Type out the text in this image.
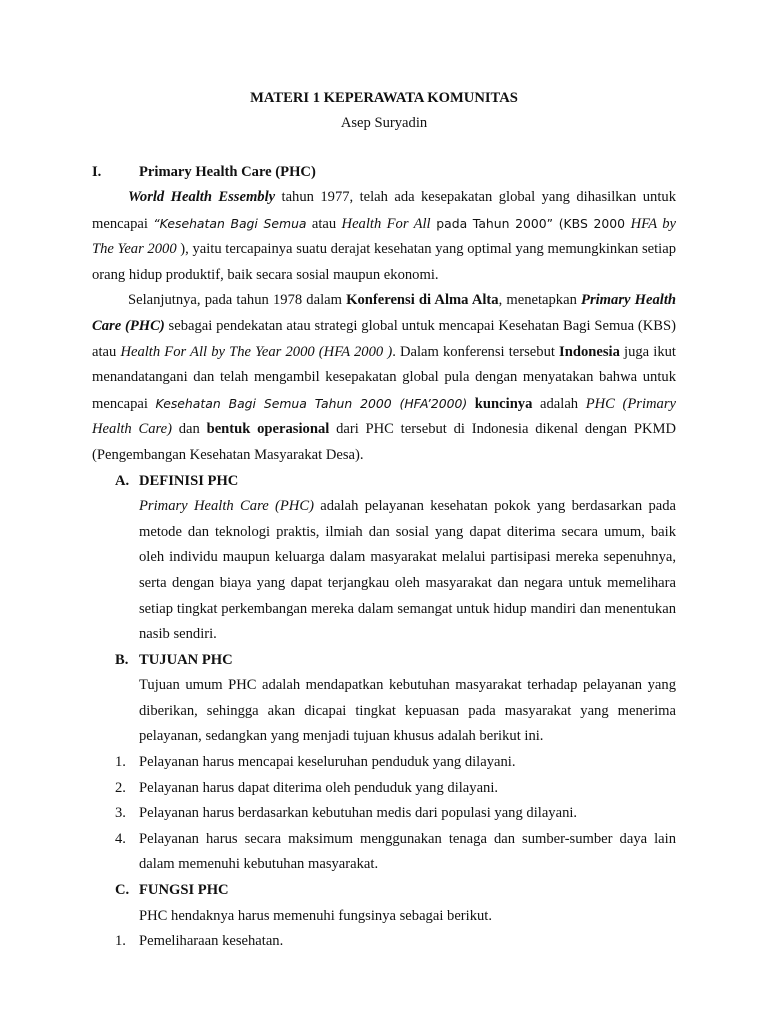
MATERI 1 KEPERAWATA KOMUNITAS
Asep Suryadin
I.	Primary Health Care (PHC)

World Health Essembly tahun 1977, telah ada kesepakatan global yang dihasilkan untuk mencapai “Kesehatan Bagi Semua atau Health For All pada Tahun 2000” (KBS 2000 HFA by The Year 2000 ), yaitu tercapainya suatu derajat kesehatan yang optimal yang memungkinkan setiap orang hidup produktif, baik secara sosial maupun ekonomi.

Selanjutnya, pada tahun 1978 dalam Konferensi di Alma Alta, menetapkan Primary Health Care (PHC) sebagai pendekatan atau strategi global untuk mencapai Kesehatan Bagi Semua (KBS) atau Health For All by The Year 2000 (HFA 2000 ). Dalam konferensi tersebut Indonesia juga ikut menandatangani dan telah mengambil kesepakatan global pula dengan menyatakan bahwa untuk mencapai Kesehatan Bagi Semua Tahun 2000 (HFA’2000) kuncinya adalah PHC (Primary Health Care) dan bentuk operasional dari PHC tersebut di Indonesia dikenal dengan PKMD (Pengembangan Kesehatan Masyarakat Desa).

A. DEFINISI PHC

Primary Health Care (PHC) adalah pelayanan kesehatan pokok yang berdasarkan pada metode dan teknologi praktis, ilmiah dan sosial yang dapat diterima secara umum, baik oleh individu maupun keluarga dalam masyarakat melalui partisipasi mereka sepenuhnya, serta dengan biaya yang dapat terjangkau oleh masyarakat dan negara untuk memelihara setiap tingkat perkembangan mereka dalam semangat untuk hidup mandiri dan menentukan nasib sendiri.

B. TUJUAN PHC

Tujuan umum PHC adalah mendapatkan kebutuhan masyarakat terhadap pelayanan yang diberikan, sehingga akan dicapai tingkat kepuasan pada masyarakat yang menerima pelayanan, sedangkan yang menjadi tujuan khusus adalah berikut ini.

1. Pelayanan harus mencapai keseluruhan penduduk yang dilayani.
2. Pelayanan harus dapat diterima oleh penduduk yang dilayani.
3. Pelayanan harus berdasarkan kebutuhan medis dari populasi yang dilayani.
4. Pelayanan harus secara maksimum menggunakan tenaga dan sumber-sumber daya lain dalam memenuhi kebutuhan masyarakat.
C. FUNGSI PHC

PHC hendaknya harus memenuhi fungsinya sebagai berikut.

1. Pemeliharaan kesehatan.
